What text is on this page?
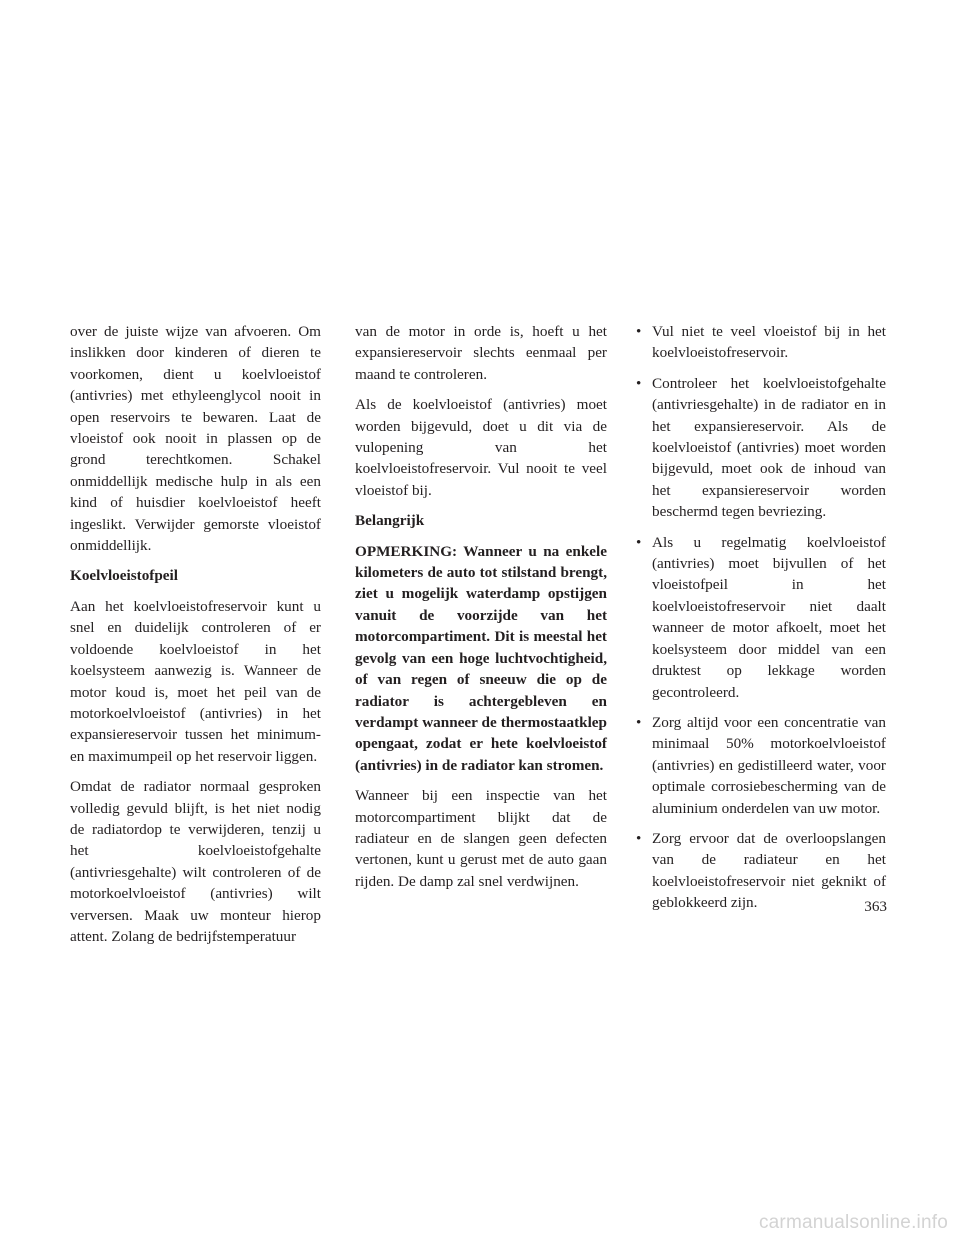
over de juiste wijze van afvoeren. Om inslikken door kinderen of dieren te voorkomen, dient u koelvloeistof (antivries) met ethyleenglycol nooit in open reservoirs te bewaren. Laat de vloeistof ook nooit in plassen op de grond terechtkomen. Schakel onmiddellijk medische hulp in als een kind of huisdier koelvloeistof heeft ingeslikt. Verwijder gemorste vloeistof onmiddellijk.

Koelvloeistofpeil

Aan het koelvloeistofreservoir kunt u snel en duidelijk controleren of er voldoende koelvloeistof in het koelsysteem aanwezig is. Wanneer de motor koud is, moet het peil van de motorkoelvloeistof (antivries) in het expansiereservoir tussen het minimum- en maximumpeil op het reservoir liggen.

Omdat de radiator normaal gesproken volledig gevuld blijft, is het niet nodig de radiatordop te verwijderen, tenzij u het koelvloeistofgehalte (antivriesgehalte) wilt controleren of de motorkoelvloeistof (antivries) wilt verversen. Maak uw monteur hierop attent. Zolang de bedrijfstemperatuur

van de motor in orde is, hoeft u het expansiereservoir slechts eenmaal per maand te controleren.

Als de koelvloeistof (antivries) moet worden bijgevuld, doet u dit via de vulopening van het koelvloeistofreservoir. Vul nooit te veel vloeistof bij.

Belangrijk

OPMERKING: Wanneer u na enkele kilometers de auto tot stilstand brengt, ziet u mogelijk waterdamp opstijgen vanuit de voorzijde van het motorcompartiment. Dit is meestal het gevolg van een hoge luchtvochtigheid, of van regen of sneeuw die op de radiator is achtergebleven en verdampt wanneer de thermostaatklep opengaat, zodat er hete koelvloeistof (antivries) in de radiator kan stromen.

Wanneer bij een inspectie van het motorcompartiment blijkt dat de radiateur en de slangen geen defecten vertonen, kunt u gerust met de auto gaan rijden. De damp zal snel verdwijnen.

• Vul niet te veel vloeistof bij in het koelvloeistofreservoir.
• Controleer het koelvloeistofgehalte (antivriesgehalte) in de radiator en in het expansiereservoir. Als de koelvloeistof (antivries) moet worden bijgevuld, moet ook de inhoud van het expansiereservoir worden beschermd tegen bevriezing.
• Als u regelmatig koelvloeistof (antivries) moet bijvullen of het vloeistofpeil in het koelvloeistofreservoir niet daalt wanneer de motor afkoelt, moet het koelsysteem door middel van een druktest op lekkage worden gecontroleerd.
• Zorg altijd voor een concentratie van minimaal 50% motorkoelvloeistof (antivries) en gedistilleerd water, voor optimale corrosiebescherming van de aluminium onderdelen van uw motor.
• Zorg ervoor dat de overloopslangen van de radiateur en het koelvloeistofreservoir niet geknikt of geblokkeerd zijn.	363
carmanualsonline.info
